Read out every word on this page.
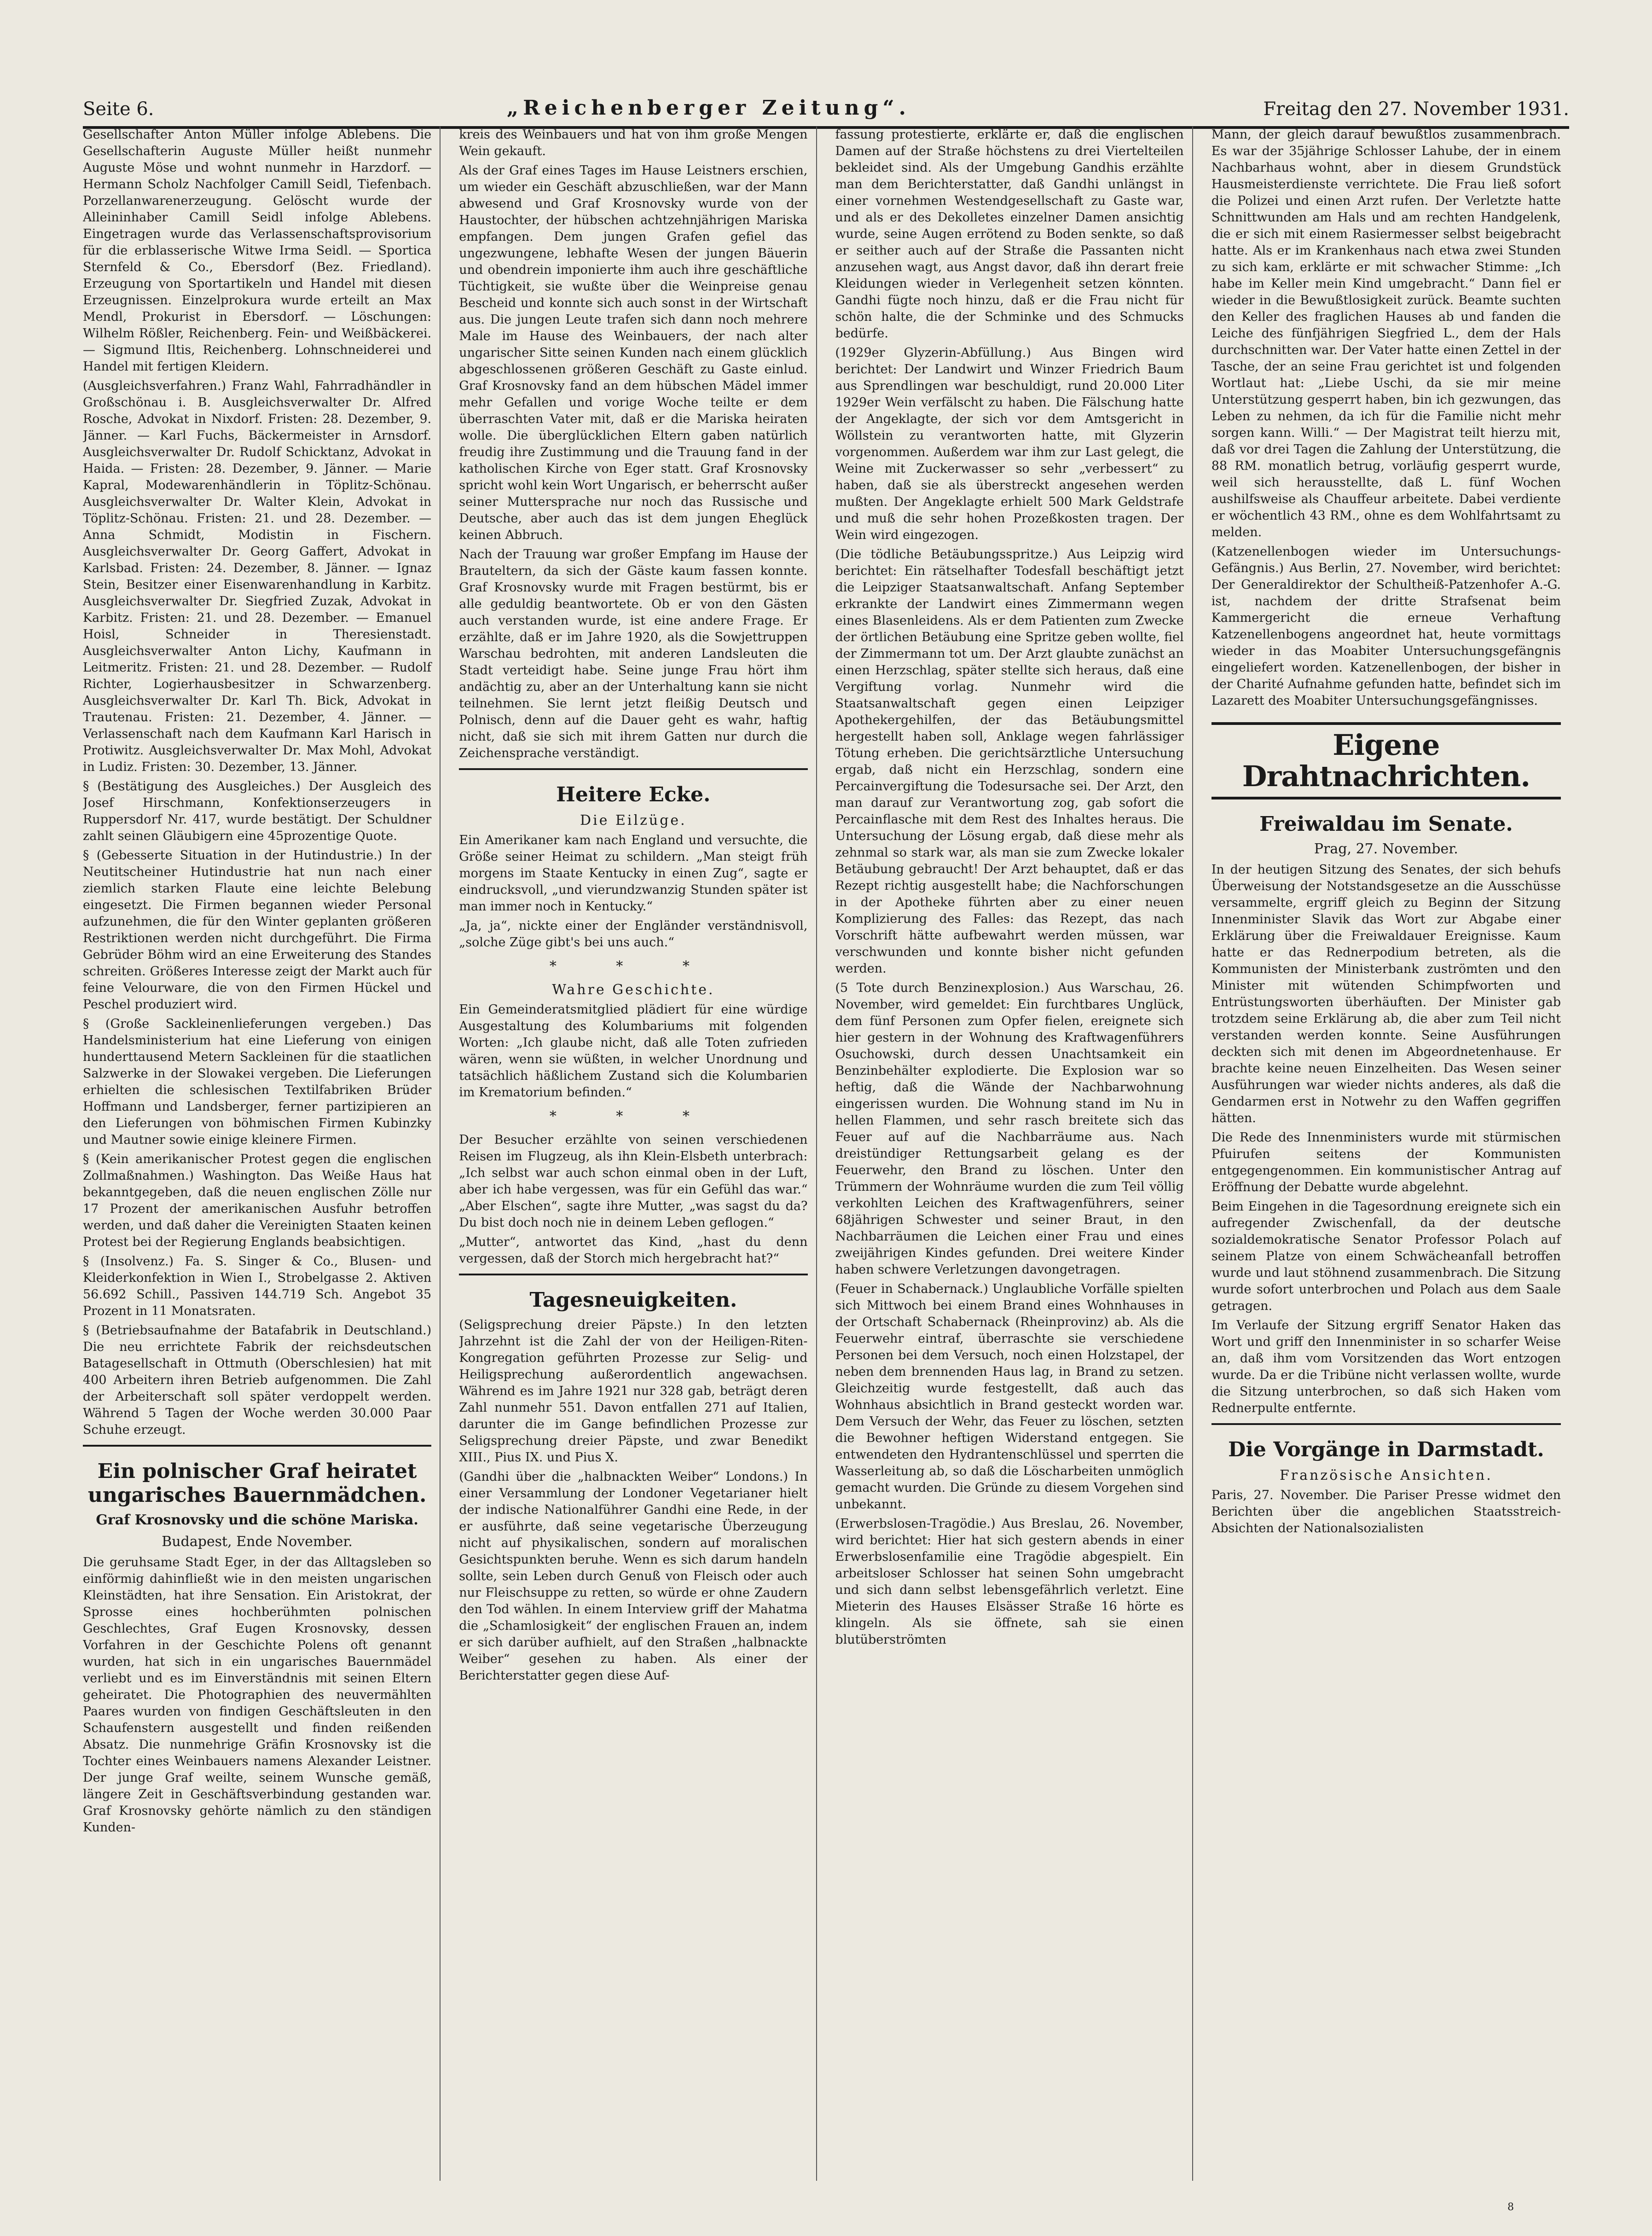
Seite 6.	„Reichenberger Zeitung“.	Freitag den 27. November 1931.

Gesellschafter Anton Müller infolge Ablebens. Die Gesellschafterin Auguste Müller heißt nunmehr Auguste Möse und wohnt nunmehr in Harzdorf. — Hermann Scholz Nachfolger Camill Seidl, Tiefenbach. Porzellanwarenerzeugung. Gelöscht wurde der Alleininhaber Camill Seidl infolge Ablebens. Eingetragen wurde das Verlassenschaftsprovisorium für die erblasserische Witwe Irma Seidl. — Sportica Sternfeld & Co., Ebersdorf (Bez. Friedland). Erzeugung von Sportartikeln und Handel mit diesen Erzeugnissen. Einzelprokura wurde erteilt an Max Mendl, Prokurist in Ebersdorf. — Löschungen: Wilhelm Rößler, Reichenberg. Fein- und Weißbäckerei. — Sigmund Iltis, Reichenberg. Lohnschneiderei und Handel mit fertigen Kleidern.

(Ausgleichsverfahren.) Franz Wahl, Fahrradhändler in Großschönau i. B. Ausgleichsverwalter Dr. Alfred Rosche, Advokat in Nixdorf. Fristen: 28. Dezember, 9. Jänner. — Karl Fuchs, Bäckermeister in Arnsdorf. Ausgleichsverwalter Dr. Rudolf Schicktanz, Advokat in Haida. — Fristen: 28. Dezember, 9. Jänner. — Marie Kapral, Modewarenhändlerin in Töplitz-Schönau. Ausgleichsverwalter Dr. Walter Klein, Advokat in Töplitz-Schönau. Fristen: 21. und 28. Dezember. — Anna Schmidt, Modistin in Fischern. Ausgleichsverwalter Dr. Georg Gaffert, Advokat in Karlsbad. Fristen: 24. Dezember, 8. Jänner. — Ignaz Stein, Besitzer einer Eisenwarenhandlung in Karbitz. Ausgleichsverwalter Dr. Siegfried Zuzak, Advokat in Karbitz. Fristen: 21. und 28. Dezember. — Emanuel Hoisl, Schneider in Theresienstadt. Ausgleichsverwalter Anton Lichy, Kaufmann in Leitmeritz. Fristen: 21. und 28. Dezember. — Rudolf Richter, Logierhausbesitzer in Schwarzenberg. Ausgleichsverwalter Dr. Karl Th. Bick, Advokat in Trautenau. Fristen: 21. Dezember, 4. Jänner. — Verlassenschaft nach dem Kaufmann Karl Harisch in Protiwitz. Ausgleichsverwalter Dr. Max Mohl, Advokat in Ludiz. Fristen: 30. Dezember, 13. Jänner.

§ (Bestätigung des Ausgleiches.) Der Ausgleich des Josef Hirschmann, Konfektionserzeugers in Ruppersdorf Nr. 417, wurde bestätigt. Der Schuldner zahlt seinen Gläubigern eine 45prozentige Quote.

§ (Gebesserte Situation in der Hutindustrie.) In der Neutitscheiner Hutindustrie hat nun nach einer ziemlich starken Flaute eine leichte Belebung eingesetzt. Die Firmen begannen wieder Personal aufzunehmen, die für den Winter geplanten größeren Restriktionen werden nicht durchgeführt. Die Firma Gebrüder Böhm wird an eine Erweiterung des Standes schreiten. Größeres Interesse zeigt der Markt auch für feine Velourware, die von den Firmen Hückel und Peschel produziert wird.

§ (Große Sackleinenlieferungen vergeben.) Das Handelsministerium hat eine Lieferung von einigen hunderttausend Metern Sackleinen für die staatlichen Salzwerke in der Slowakei vergeben. Die Lieferungen erhielten die schlesischen Textilfabriken Brüder Hoffmann und Landsberger, ferner partizipieren an den Lieferungen von böhmischen Firmen Kubinzky und Mautner sowie einige kleinere Firmen.

§ (Kein amerikanischer Protest gegen die englischen Zollmaßnahmen.) Washington. Das Weiße Haus hat bekanntgegeben, daß die neuen englischen Zölle nur 17 Prozent der amerikanischen Ausfuhr betroffen werden, und daß daher die Vereinigten Staaten keinen Protest bei der Regierung Englands beabsichtigen.

§ (Insolvenz.) Fa. S. Singer & Co., Blusen- und Kleiderkonfektion in Wien I., Strobelgasse 2. Aktiven 56.692 Schill., Passiven 144.719 Sch. Angebot 35 Prozent in 11 Monatsraten.

§ (Betriebsaufnahme der Batafabrik in Deutschland.) Die neu errichtete Fabrik der reichsdeutschen Batagesellschaft in Ottmuth (Oberschlesien) hat mit 400 Arbeitern ihren Betrieb aufgenommen. Die Zahl der Arbeiterschaft soll später verdoppelt werden. Während 5 Tagen der Woche werden 30.000 Paar Schuhe erzeugt.

Ein polnischer Graf heiratet ungarisches Bauernmädchen.
Graf Krosnovsky und die schöne Mariska.
Budapest, Ende November.

Die geruhsame Stadt Eger, in der das Alltagsleben so einförmig dahinfließt wie in den meisten ungarischen Kleinstädten, hat ihre Sensation. Ein Aristokrat, der Sprosse eines hochberühmten polnischen Geschlechtes, Graf Eugen Krosnovsky, dessen Vorfahren in der Geschichte Polens oft genannt wurden, hat sich in ein ungarisches Bauernmädel verliebt und es im Einverständnis mit seinen Eltern geheiratet. Die Photographien des neuvermählten Paares wurden von findigen Geschäftsleuten in den Schaufenstern ausgestellt und finden reißenden Absatz. Die nunmehrige Gräfin Krosnovsky ist die Tochter eines Weinbauers namens Alexander Leistner. Der junge Graf weilte, seinem Wunsche gemäß, längere Zeit in Geschäftsverbindung gestanden war. Graf Krosnovsky gehörte nämlich zu den ständigen Kunden-

kreis des Weinbauers und hat von ihm große Mengen Wein gekauft.

Als der Graf eines Tages im Hause Leistners erschien, um wieder ein Geschäft abzuschließen, war der Mann abwesend und Graf Krosnovsky wurde von der Haustochter, der hübschen achtzehnjährigen Mariska empfangen. Dem jungen Grafen gefiel das ungezwungene, lebhafte Wesen der jungen Bäuerin und obendrein imponierte ihm auch ihre geschäftliche Tüchtigkeit, sie wußte über die Weinpreise genau Bescheid und konnte sich auch sonst in der Wirtschaft aus. Die jungen Leute trafen sich dann noch mehrere Male im Hause des Weinbauers, der nach alter ungarischer Sitte seinen Kunden nach einem glücklich abgeschlossenen größeren Geschäft zu Gaste einlud. Graf Krosnovsky fand an dem hübschen Mädel immer mehr Gefallen und vorige Woche teilte er dem überraschten Vater mit, daß er die Mariska heiraten wolle. Die überglücklichen Eltern gaben natürlich freudig ihre Zustimmung und die Trauung fand in der katholischen Kirche von Eger statt. Graf Krosnovsky spricht wohl kein Wort Ungarisch, er beherrscht außer seiner Muttersprache nur noch das Russische und Deutsche, aber auch das ist dem jungen Eheglück keinen Abbruch.

Nach der Trauung war großer Empfang im Hause der Brauteltern, da sich der Gäste kaum fassen konnte. Graf Krosnovsky wurde mit Fragen bestürmt, bis er alle geduldig beantwortete. Ob er von den Gästen auch verstanden wurde, ist eine andere Frage. Er erzählte, daß er im Jahre 1920, als die Sowjettruppen Warschau bedrohten, mit anderen Landsleuten die Stadt verteidigt habe. Seine junge Frau hört ihm andächtig zu, aber an der Unterhaltung kann sie nicht teilnehmen. Sie lernt jetzt fleißig Deutsch und Polnisch, denn auf die Dauer geht es wahr, haftig nicht, daß sie sich mit ihrem Gatten nur durch die Zeichensprache verständigt.

Heitere Ecke.
Die Eilzüge.

Ein Amerikaner kam nach England und versuchte, die Größe seiner Heimat zu schildern. „Man steigt früh morgens im Staate Kentucky in einen Zug“, sagte er eindrucksvoll, „und vierundzwanzig Stunden später ist man immer noch in Kentucky.“

„Ja, ja“, nickte einer der Engländer verständnisvoll, „solche Züge gibt's bei uns auch.“

* * *
Wahre Geschichte.

Ein Gemeinderatsmitglied plädiert für eine würdige Ausgestaltung des Kolumbariums mit folgenden Worten: „Ich glaube nicht, daß alle Toten zufrieden wären, wenn sie wüßten, in welcher Unordnung und tatsächlich häßlichem Zustand sich die Kolumbarien im Krematorium befinden.“

* * *

Der Besucher erzählte von seinen verschiedenen Reisen im Flugzeug, als ihn Klein-Elsbeth unterbrach: „Ich selbst war auch schon einmal oben in der Luft, aber ich habe vergessen, was für ein Gefühl das war.“ „Aber Elschen“, sagte ihre Mutter, „was sagst du da? Du bist doch noch nie in deinem Leben geflogen.“

„Mutter“, antwortet das Kind, „hast du denn vergessen, daß der Storch mich hergebracht hat?“

Tagesneuigkeiten.

(Seligsprechung dreier Päpste.) In den letzten Jahrzehnt ist die Zahl der von der Heiligen-Riten-Kongregation geführten Prozesse zur Selig- und Heiligsprechung außerordentlich angewachsen. Während es im Jahre 1921 nur 328 gab, beträgt deren Zahl nunmehr 551. Davon entfallen 271 auf Italien, darunter die im Gange befindlichen Prozesse zur Seligsprechung dreier Päpste, und zwar Benedikt XIII., Pius IX. und Pius X.

(Gandhi über die „halbnackten Weiber“ Londons.) In einer Versammlung der Londoner Vegetarianer hielt der indische Nationalführer Gandhi eine Rede, in der er ausführte, daß seine vegetarische Überzeugung nicht auf physikalischen, sondern auf moralischen Gesichtspunkten beruhe. Wenn es sich darum handeln sollte, sein Leben durch Genuß von Fleisch oder auch nur Fleischsuppe zu retten, so würde er ohne Zaudern den Tod wählen. In einem Interview griff der Mahatma die „Schamlosigkeit“ der englischen Frauen an, indem er sich darüber aufhielt, auf den Straßen „halbnackte Weiber“ gesehen zu haben. Als einer der Berichterstatter gegen diese Auf-

fassung protestierte, erklärte er, daß die englischen Damen auf der Straße höchstens zu drei Viertelteilen bekleidet sind. Als der Umgebung Gandhis erzählte man dem Berichterstatter, daß Gandhi unlängst in einer vornehmen Westendgesellschaft zu Gaste war, und als er des Dekolletes einzelner Damen ansichtig wurde, seine Augen errötend zu Boden senkte, so daß er seither auch auf der Straße die Passanten nicht anzusehen wagt, aus Angst davor, daß ihn derart freie Kleidungen wieder in Verlegenheit setzen könnten. Gandhi fügte noch hinzu, daß er die Frau nicht für schön halte, die der Schminke und des Schmucks bedürfe.

(1929er Glyzerin-Abfüllung.) Aus Bingen wird berichtet: Der Landwirt und Winzer Friedrich Baum aus Sprendlingen war beschuldigt, rund 20.000 Liter 1929er Wein verfälscht zu haben. Die Fälschung hatte der Angeklagte, der sich vor dem Amtsgericht in Wöllstein zu verantworten hatte, mit Glyzerin vorgenommen. Außerdem war ihm zur Last gelegt, die Weine mit Zuckerwasser so sehr „verbessert“ zu haben, daß sie als überstreckt angesehen werden mußten. Der Angeklagte erhielt 500 Mark Geldstrafe und muß die sehr hohen Prozeßkosten tragen. Der Wein wird eingezogen.

(Die tödliche Betäubungsspritze.) Aus Leipzig wird berichtet: Ein rätselhafter Todesfall beschäftigt jetzt die Leipziger Staatsanwaltschaft. Anfang September erkrankte der Landwirt eines Zimmermann wegen eines Blasenleidens. Als er dem Patienten zum Zwecke der örtlichen Betäubung eine Spritze geben wollte, fiel der Zimmermann tot um. Der Arzt glaubte zunächst an einen Herzschlag, später stellte sich heraus, daß eine Vergiftung vorlag. Nunmehr wird die Staatsanwaltschaft gegen einen Leipziger Apothekergehilfen, der das Betäubungsmittel hergestellt haben soll, Anklage wegen fahrlässiger Tötung erheben. Die gerichtsärztliche Untersuchung ergab, daß nicht ein Herzschlag, sondern eine Percainvergiftung die Todesursache sei. Der Arzt, den man darauf zur Verantwortung zog, gab sofort die Percainflasche mit dem Rest des Inhaltes heraus. Die Untersuchung der Lösung ergab, daß diese mehr als zehnmal so stark war, als man sie zum Zwecke lokaler Betäubung gebraucht! Der Arzt behauptet, daß er das Rezept richtig ausgestellt habe; die Nachforschungen in der Apotheke führten aber zu einer neuen Komplizierung des Falles: das Rezept, das nach Vorschrift hätte aufbewahrt werden müssen, war verschwunden und konnte bisher nicht gefunden werden.

(5 Tote durch Benzinexplosion.) Aus Warschau, 26. November, wird gemeldet: Ein furchtbares Unglück, dem fünf Personen zum Opfer fielen, ereignete sich hier gestern in der Wohnung des Kraftwagenführers Osuchowski, durch dessen Unachtsamkeit ein Benzinbehälter explodierte. Die Explosion war so heftig, daß die Wände der Nachbarwohnung eingerissen wurden. Die Wohnung stand im Nu in hellen Flammen, und sehr rasch breitete sich das Feuer auf auf die Nachbarräume aus. Nach dreistündiger Rettungsarbeit gelang es der Feuerwehr, den Brand zu löschen. Unter den Trümmern der Wohnräume wurden die zum Teil völlig verkohlten Leichen des Kraftwagenführers, seiner 68jährigen Schwester und seiner Braut, in den Nachbarräumen die Leichen einer Frau und eines zweijährigen Kindes gefunden. Drei weitere Kinder haben schwere Verletzungen davongetragen.

(Feuer in Schabernack.) Unglaubliche Vorfälle spielten sich Mittwoch bei einem Brand eines Wohnhauses in der Ortschaft Schabernack (Rheinprovinz) ab. Als die Feuerwehr eintraf, überraschte sie verschiedene Personen bei dem Versuch, noch einen Holzstapel, der neben dem brennenden Haus lag, in Brand zu setzen. Gleichzeitig wurde festgestellt, daß auch das Wohnhaus absichtlich in Brand gesteckt worden war. Dem Versuch der Wehr, das Feuer zu löschen, setzten die Bewohner heftigen Widerstand entgegen. Sie entwendeten den Hydrantenschlüssel und sperrten die Wasserleitung ab, so daß die Löscharbeiten unmöglich gemacht wurden. Die Gründe zu diesem Vorgehen sind unbekannt.

(Erwerbslosen-Tragödie.) Aus Breslau, 26. November, wird berichtet: Hier hat sich gestern abends in einer Erwerbslosenfamilie eine Tragödie abgespielt. Ein arbeitsloser Schlosser hat seinen Sohn umgebracht und sich dann selbst lebensgefährlich verletzt. Eine Mieterin des Hauses Elsässer Straße 16 hörte es klingeln. Als sie öffnete, sah sie einen blutüberströmten

Mann, der gleich darauf bewußtlos zusammenbrach. Es war der 35jährige Schlosser Lahube, der in einem Nachbarhaus wohnt, aber in diesem Grundstück Hausmeisterdienste verrichtete. Die Frau ließ sofort die Polizei und einen Arzt rufen. Der Verletzte hatte Schnittwunden am Hals und am rechten Handgelenk, die er sich mit einem Rasiermesser selbst beigebracht hatte. Als er im Krankenhaus nach etwa zwei Stunden zu sich kam, erklärte er mit schwacher Stimme: „Ich habe im Keller mein Kind umgebracht.“ Dann fiel er wieder in die Bewußtlosigkeit zurück. Beamte suchten den Keller des fraglichen Hauses ab und fanden die Leiche des fünfjährigen Siegfried L., dem der Hals durchschnitten war. Der Vater hatte einen Zettel in der Tasche, der an seine Frau gerichtet ist und folgenden Wortlaut hat: „Liebe Uschi, da sie mir meine Unterstützung gesperrt haben, bin ich gezwungen, das Leben zu nehmen, da ich für die Familie nicht mehr sorgen kann. Willi.“ — Der Magistrat teilt hierzu mit, daß vor drei Tagen die Zahlung der Unterstützung, die 88 RM. monatlich betrug, vorläufig gesperrt wurde, weil sich herausstellte, daß L. fünf Wochen aushilfsweise als Chauffeur arbeitete. Dabei verdiente er wöchentlich 43 RM., ohne es dem Wohlfahrtsamt zu melden.

(Katzenellenbogen wieder im Untersuchungs-Gefängnis.) Aus Berlin, 27. November, wird berichtet: Der Generaldirektor der Schultheiß-Patzenhofer A.-G. ist, nachdem der dritte Strafsenat beim Kammergericht die erneue Verhaftung Katzenellenbogens angeordnet hat, heute vormittags wieder in das Moabiter Untersuchungsgefängnis eingeliefert worden. Katzenellenbogen, der bisher in der Charité Aufnahme gefunden hatte, befindet sich im Lazarett des Moabiter Untersuchungsgefängnisses.

Eigene Drahtnachrichten.
Freiwaldau im Senate.
Prag, 27. November.

In der heutigen Sitzung des Senates, der sich behufs Überweisung der Notstandsgesetze an die Ausschüsse versammelte, ergriff gleich zu Beginn der Sitzung Innenminister Slavik das Wort zur Abgabe einer Erklärung über die Freiwaldauer Ereignisse. Kaum hatte er das Rednerpodium betreten, als die Kommunisten der Ministerbank zuströmten und den Minister mit wütenden Schimpfworten und Entrüstungsworten überhäuften. Der Minister gab trotzdem seine Erklärung ab, die aber zum Teil nicht verstanden werden konnte. Seine Ausführungen deckten sich mit denen im Abgeordnetenhause. Er brachte keine neuen Einzelheiten. Das Wesen seiner Ausführungen war wieder nichts anderes, als daß die Gendarmen erst in Notwehr zu den Waffen gegriffen hätten.

Die Rede des Innenministers wurde mit stürmischen Pfuirufen seitens der Kommunisten entgegengenommen. Ein kommunistischer Antrag auf Eröffnung der Debatte wurde abgelehnt.

Beim Eingehen in die Tagesordnung ereignete sich ein aufregender Zwischenfall, da der deutsche sozialdemokratische Senator Professor Polach auf seinem Platze von einem Schwächeanfall betroffen wurde und laut stöhnend zusammenbrach. Die Sitzung wurde sofort unterbrochen und Polach aus dem Saale getragen.

Im Verlaufe der Sitzung ergriff Senator Haken das Wort und griff den Innenminister in so scharfer Weise an, daß ihm vom Vorsitzenden das Wort entzogen wurde. Da er die Tribüne nicht verlassen wollte, wurde die Sitzung unterbrochen, so daß sich Haken vom Rednerpulte entfernte.

Die Vorgänge in Darmstadt.
Französische Ansichten.

Paris, 27. November. Die Pariser Presse widmet den Berichten über die angeblichen Staatsstreich-Absichten der Nationalsozialisten

8
